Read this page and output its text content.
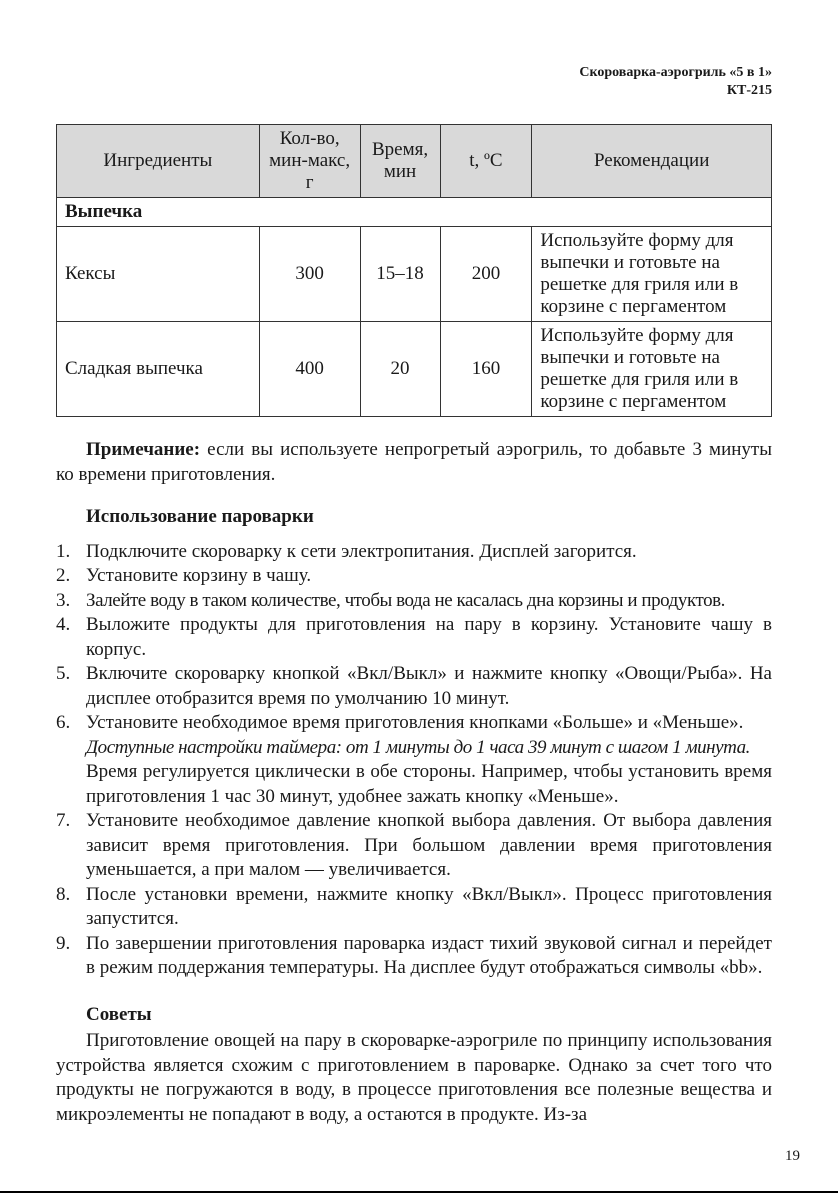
Скороварка-аэрогриль «5 в 1»
КТ-215
Ингредиенты	Кол-во, мин-макс, г	Время, мин	t, ºС	Рекомендации
Выпечка				
Кексы	300	15–18	200	Используйте форму для выпечки и готовьте на решетке для гриля или в корзине с пергаментом
Сладкая выпечка	400	20	160	Используйте форму для выпечки и готовьте на решетке для гриля или в корзине с пергаментом

Примечание: если вы используете непрогретый аэрогриль, то добавьте 3 минуты ко времени приготовления.

Использование пароварки

1. Подключите скороварку к сети электропитания. Дисплей загорится.
2. Установите корзину в чашу.
3. Залейте воду в таком количестве, чтобы вода не касалась дна корзины и продуктов.
4. Выложите продукты для приготовления на пару в корзину. Установите чашу в корпус.
5. Включите скороварку кнопкой «Вкл/Выкл» и нажмите кнопку «Овощи/Рыба». На дисплее отобразится время по умолчанию 10 минут.
6. Установите необходимое время приготовления кнопками «Больше» и «Меньше».
Доступные настройки таймера: от 1 минуты до 1 часа 39 минут с шагом 1 минута.
Время регулируется циклически в обе стороны. Например, чтобы установить время приготовления 1 час 30 минут, удобнее зажать кнопку «Меньше».
7. Установите необходимое давление кнопкой выбора давления. От выбора давления зависит время приготовления. При большом давлении время приготовления уменьшается, а при малом — увеличивается.
8. После установки времени, нажмите кнопку «Вкл/Выкл». Процесс приготовления запустится.
9. По завершении приготовления пароварка издаст тихий звуковой сигнал и перейдет в режим поддержания температуры. На дисплее будут отображаться символы «bb».

Советы

Приготовление овощей на пару в скороварке-аэрогриле по принципу использования устройства является схожим с приготовлением в пароварке. Однако за счет того что продукты не погружаются в воду, в процессе приготовления все полезные вещества и микроэлементы не попадают в воду, а остаются в продукте. Из-за

19
